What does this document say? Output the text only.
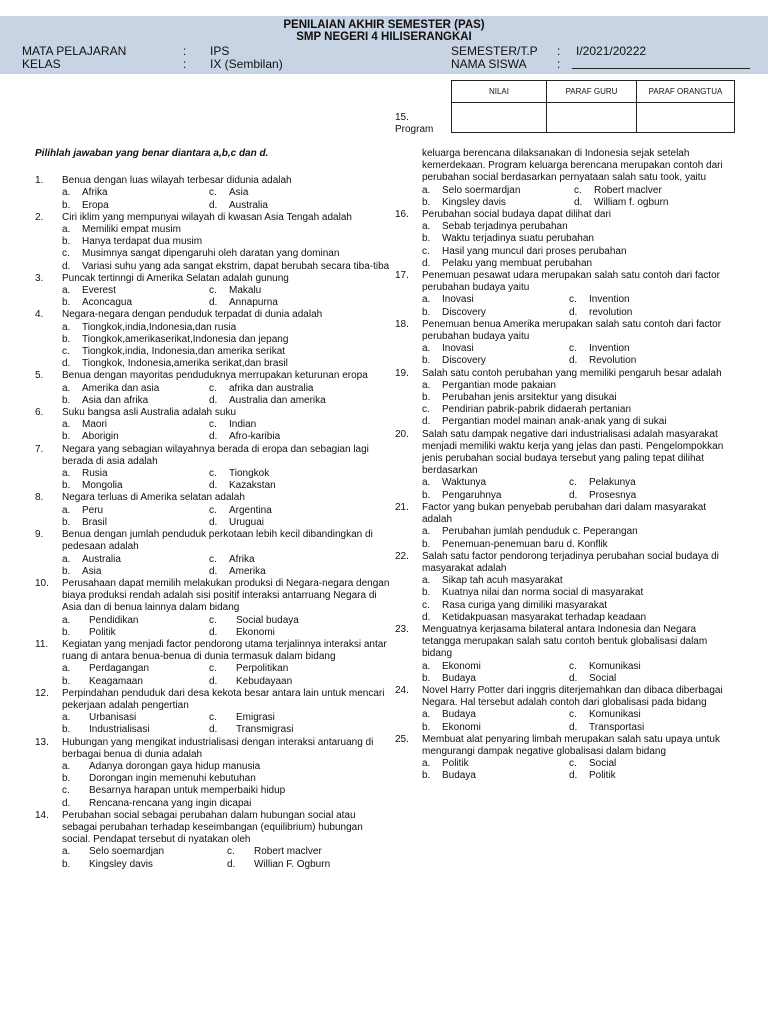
PENILAIAN AKHIR SEMESTER (PAS)
SMP NEGERI 4 HILISERANGKAI
MATA PELAJARAN	: IPS
KELAS	: IX (Sembilan)
SEMESTER/T.P : I/2021/20222
NAMA SISWA	:
NILAI	PARAF GURU	PARAF ORANGTUA

15.
Program
Pilihlah jawaban yang benar diantara a,b,c dan d.
1. Benua dengan luas wilayah terbesar didunia adalah
a. Afrika	c. Asia
b. Eropa	d. Australia
2. Ciri iklim yang mempunyai wilayah di kwasan Asia Tengah adalah
a. Memiliki empat musim
b. Hanya terdapat dua musim
c. Musimnya sangat dipengaruhi oleh daratan yang dominan
d. Variasi suhu yang ada sangat ekstrim, dapat berubah secara tiba-tiba
3. Puncak tertinngi di Amerika Selatan adalah gunung
a. Everest	c. Makalu
b. Aconcagua	d. Annapurna
4. Negara-negara dengan penduduk terpadat di dunia adalah
a. Tiongkok,india,Indonesia,dan rusia
b. Tiongkok,amerikaserikat,Indonesia dan jepang
c. Tiongkok,india, Indonesia,dan amerika serikat
d. Tiongkok, Indonesia,amerika serikat,dan brasil
5. Benua dengan mayoritas penduduknya merrupakan keturunan eropa
a. Amerika dan asia	c. afrika dan australia
b. Asia dan afrika	d. Australia dan amerika
6. Suku bangsa asli Australia adalah suku
a. Maori	c. Indian
b. Aborigin	d. Afro-karibia
7. Negara yang sebagian wilayahnya berada di eropa dan sebagian lagi berada di asia adalah
a. Rusia	c. Tiongkok
b. Mongolia	d. Kazakstan
8. Negara terluas di Amerika selatan adalah
a. Peru	c. Argentina
b. Brasil	d. Uruguai
9. Benua dengan jumlah penduduk perkotaan lebih kecil dibandingkan di pedesaan adalah
a. Australia	c. Afrika
b. Asia	d. Amerika
10. Perusahaan dapat memilih melakukan produksi di Negara-negara dengan biaya produksi rendah adalah sisi positif interaksi antarruang Negara di Asia dan di benua lainnya dalam bidang
a. Pendidikan	c. Social budaya
b. Politik	d. Ekonomi
11. Kegiatan yang menjadi factor pendorong utama terjalinnya interaksi antar ruang di antara benua-benua di dunia termasuk dalam bidang
a. Perdagangan	c. Perpolitikan
b. Keagamaan	d. Kebudayaan
12. Perpindahan penduduk dari desa kekota besar antara lain untuk mencari pekerjaan adalah pengertian
a. Urbanisasi	c. Emigrasi
b. Industrialisasi	d. Transmigrasi
13. Hubungan yang mengikat industrialisasi dengan interaksi antaruang di berbagai benua di dunia adalah
a. Adanya dorongan gaya hidup manusia
b. Dorongan ingin memenuhi kebutuhan
c. Besarnya harapan untuk memperbaiki hidup
d. Rencana-rencana yang ingin dicapai
14. Perubahan social sebagai perubahan dalam hubungan social atau sebagai perubahan terhadap keseimbangan (equilibrium) hubungan social. Pendapat tersebut di nyatakan oleh
a. Selo soemardjan	c. Robert maclver
b. Kingsley davis	d. Willian F. Ogburn
keluarga berencana dilaksanakan di Indonesia sejak setelah kemerdekaan. Program keluarga berencana merupakan contoh dari perubahan social berdasarkan pernyataan salah satu took, yaitu
a. Selo soermardjan	c. Robert maclver
b. Kingsley davis	d. William f. ogburn
16. Perubahan social budaya dapat dilihat dari
a. Sebab terjadinya perubahan
b. Waktu terjadinya suatu perubahan
c. Hasil yang muncul dari proses perubahan
d. Pelaku yang membuat perubahan
17. Penemuan pesawat udara merupakan salah satu contoh dari factor perubahan budaya yaitu
a. Inovasi	c. Invention
b. Discovery	d. revolution
18. Penemuan benua Amerika merupakan salah satu contoh dari factor perubahan budaya yaitu
a. Inovasi	c. Invention
b. Discovery	d. Revolution
19. Salah satu contoh perubahan yang memiliki pengaruh besar adalah
a. Pergantian mode pakaian
b. Perubahan jenis arsitektur yang disukai
c. Pendirian pabrik-pabrik didaerah pertanian
d. Pergantian model mainan anak-anak yang di sukai
20. Salah satu dampak negative dari industrialisasi adalah masyarakat menjadi memiliki waktu kerja yang jelas dan pasti. Pengelompokkan jenis perubahan social budaya tersebut yang paling tepat dilihat berdasarkan
a. Waktunya	c. Pelakunya
b. Pengaruhnya	d. Prosesnya
21. Factor yang bukan penyebab perubahan dari dalam masyarakat adalah
a. Perubahan jumlah penduduk c. Peperangan
b. Penemuan-penemuan baru d. Konflik
22. Salah satu factor pendorong terjadinya perubahan social budaya di masyarakat adalah
a. Sikap tah acuh masyarakat
b. Kuatnya nilai dan norma social di masyarakat
c. Rasa curiga yang dimiliki masyarakat
d. Ketidakpuasan masyarakat terhadap keadaan
23. Menguatnya kerjasama bilateral antara Indonesia dan Negara tetangga merupakan salah satu contoh bentuk globalisasi dalam bidang
a. Ekonomi	c. Komunikasi
b. Budaya	d. Social
24. Novel Harry Potter dari inggris diterjemahkan dan dibaca diberbagai Negara. Hal tersebut adalah contoh dari globalisasi pada bidang
a. Budaya	c. Komunikasi
b. Ekonomi	d. Transportasi
25. Membuat alat penyaring limbah merupakan salah satu upaya untuk mengurangi dampak negative globalisasi dalam bidang
a. Politik	c. Social
b. Budaya	d. Politik
